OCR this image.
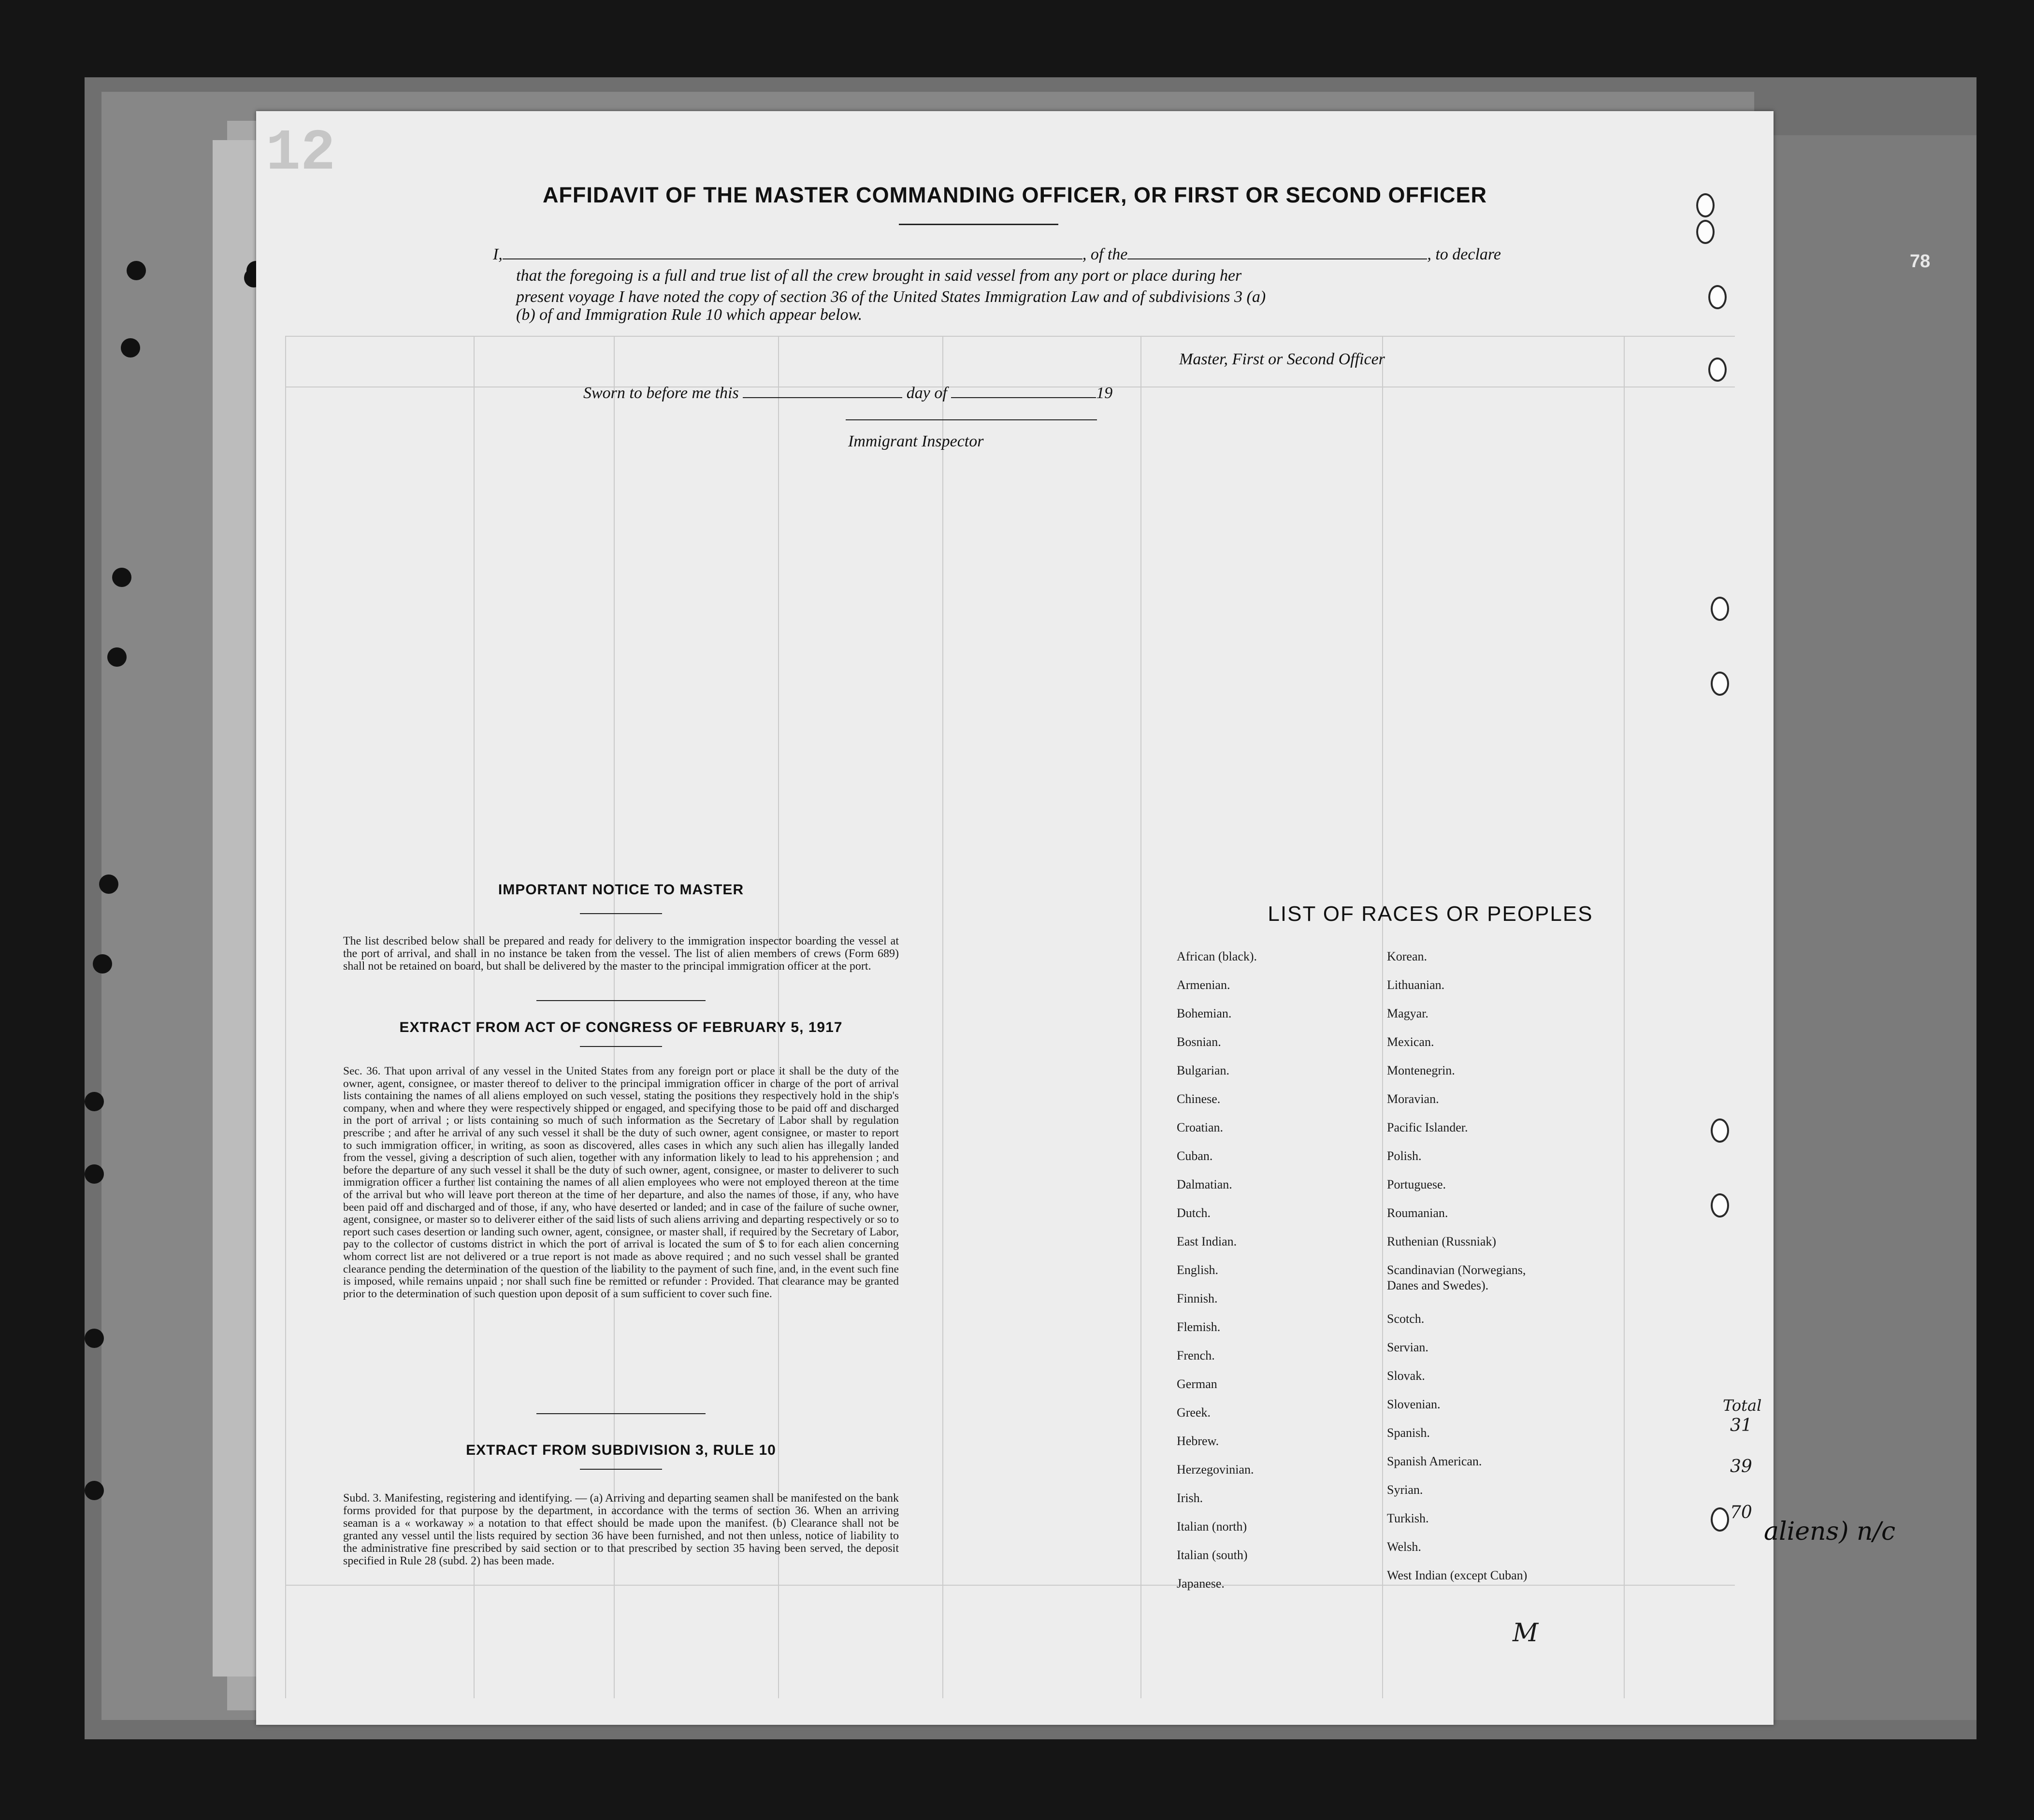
78
12
AFFIDAVIT OF THE MASTER COMMANDING OFFICER, OR FIRST OR SECOND OFFICER
I,	, of the	, to declare
that the foregoing is a full and true list of all the crew brought in said vessel from any port or place during her
present voyage I have noted the copy of section 36 of the United States Immigration Law and of subdivisions 3 (a)
(b) of and Immigration Rule 10 which appear below.
Master, First or Second Officer
Sworn to before me this	day of	19
Immigrant Inspector
IMPORTANT NOTICE TO MASTER
The list described below shall be prepared and ready for delivery to the immigration inspector boarding the vessel at the port of arrival, and shall in no instance be taken from the vessel. The list of alien members of crews (Form 689) shall not be retained on board, but shall be delivered by the master to the principal immigration officer at the port.
EXTRACT FROM ACT OF CONGRESS OF FEBRUARY 5, 1917
Sec. 36. That upon arrival of any vessel in the United States from any foreign port or place it shall be the duty of the owner, agent, consignee, or master thereof to deliver to the principal immigration officer in charge of the port of arrival lists containing the names of all aliens employed on such vessel, stating the positions they respectively hold in the ship's company, when and where they were respectively shipped or engaged, and specifying those to be paid off and discharged in the port of arrival ; or lists containing so much of such information as the Secretary of Labor shall by regulation prescribe ; and after he arrival of any such vessel it shall be the duty of such owner, agent consignee, or master to report to such immigration officer, in writing, as soon as discovered, alles cases in which any such alien has illegally landed from the vessel, giving a description of such alien, together with any information likely to lead to his apprehension ; and before the departure of any such vessel it shall be the duty of such owner, agent, consignee, or master to deliverer to such immigration officer a further list containing the names of all alien employees who were not employed thereon at the time of the arrival but who will leave port thereon at the time of her departure, and also the names of those, if any, who have been paid off and discharged and of those, if any, who have deserted or landed; and in case of the failure of suche owner, agent, consignee, or master so to deliverer either of the said lists of such aliens arriving and departing respectively or so to report such cases desertion or landing such owner, agent, consignee, or master shall, if required by the Secretary of Labor, pay to the collector of customs district in which the port of arrival is located the sum of $ to for each alien concerning whom correct list are not delivered or a true report is not made as above required ; and no such vessel shall be granted clearance pending the determination of the question of the liability to the payment of such fine, and, in the event such fine is imposed, while remains unpaid ; nor shall such fine be remitted or refunder : Provided. That clearance may be granted prior to the determination of such question upon deposit of a sum sufficient to cover such fine.
EXTRACT FROM SUBDIVISION 3, RULE 10
Subd. 3. Manifesting, registering and identifying. — (a) Arriving and departing seamen shall be manifested on the bank forms provided for that purpose by the department, in accordance with the terms of section 36. When an arriving seaman is a « workaway » a notation to that effect should be made upon the manifest. (b) Clearance shall not be granted any vessel until the lists required by section 36 have been furnished, and not then unless, notice of liability to the administrative fine prescribed by said section or to that prescribed by section 35 having been served, the deposit specified in Rule 28 (subd. 2) has been made.
LIST OF RACES OR PEOPLES
African (black).
Armenian.
Bohemian.
Bosnian.
Bulgarian.
Chinese.
Croatian.
Cuban.
Dalmatian.
Dutch.
East Indian.
English.
Finnish.
Flemish.
French.
German
Greek.
Hebrew.
Herzegovinian.
Irish.
Italian (north)
Italian (south)
Japanese.
Korean.
Lithuanian.
Magyar.
Mexican.
Montenegrin.
Moravian.
Pacific Islander.
Polish.
Portuguese.
Roumanian.
Ruthenian (Russniak)
Scandinavian (Norwegians,
Danes and Swedes).
Scotch.
Servian.
Slovak.
Slovenian.
Spanish.
Spanish American.
Syrian.
Turkish.
Welsh.
West Indian (except Cuban)
Total
31
39
70
M
aliens) n/c
